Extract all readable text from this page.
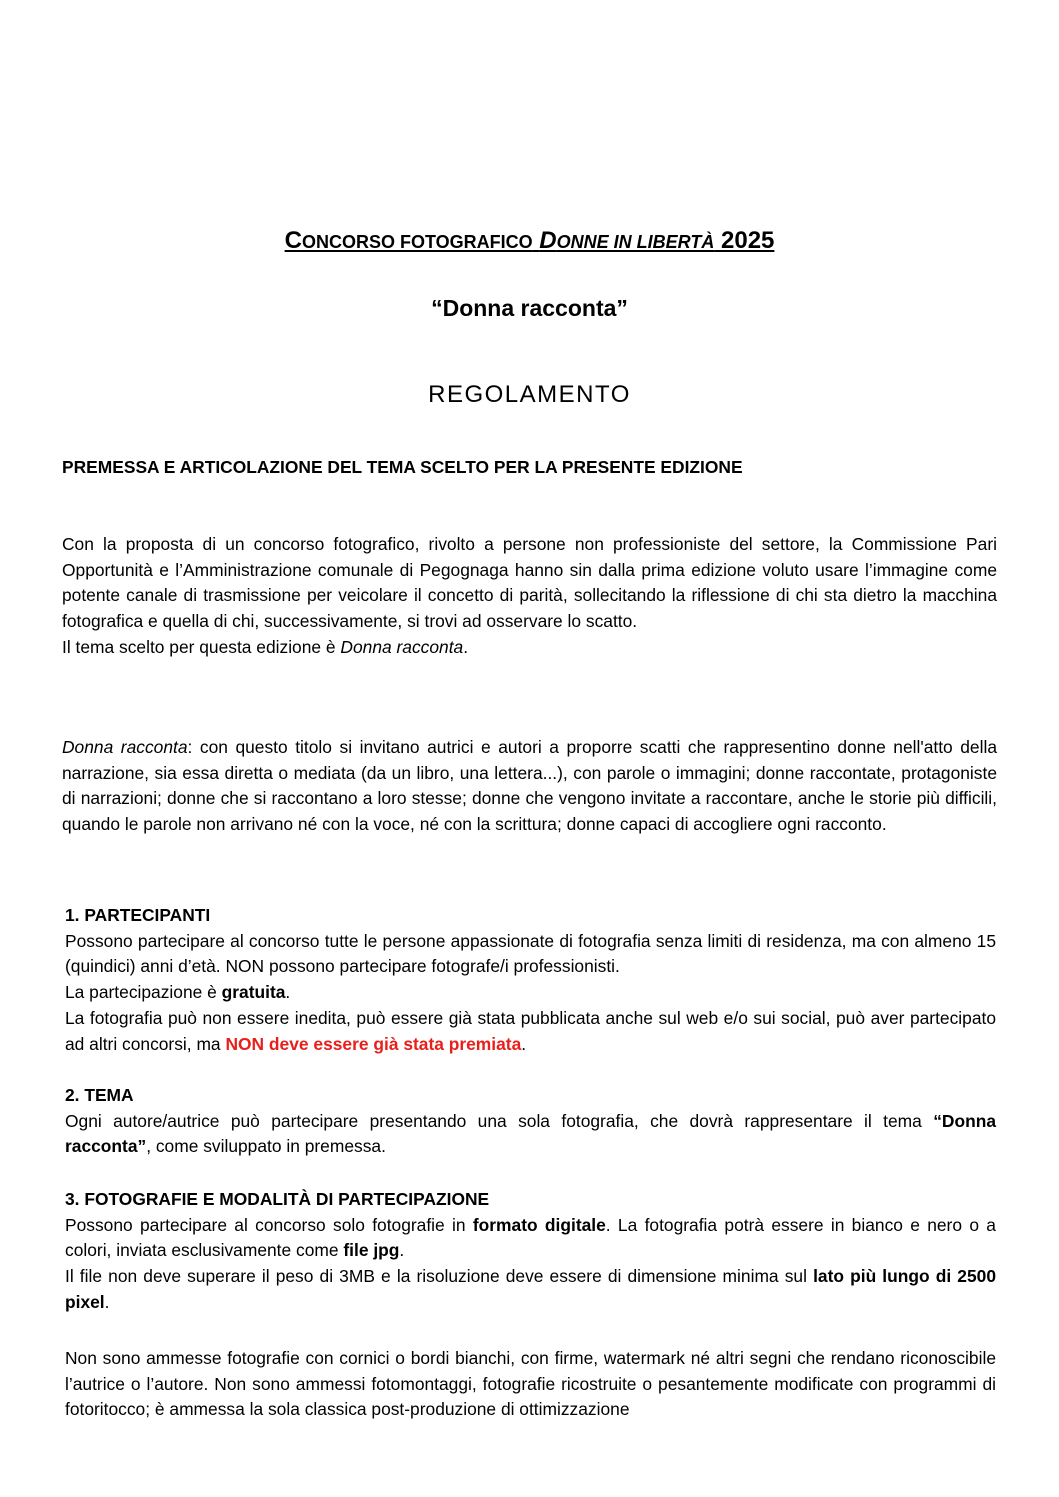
CONCORSO FOTOGRAFICO DONNE IN LIBERTÀ 2025
“Donna racconta”
REGOLAMENTO
PREMESSA E ARTICOLAZIONE DEL TEMA SCELTO PER LA PRESENTE EDIZIONE

Con la proposta di un concorso fotografico, rivolto a persone non professioniste del settore, la Commissione Pari Opportunità e l’Amministrazione comunale di Pegognaga hanno sin dalla prima edizione voluto usare l’immagine come potente canale di trasmissione per veicolare il concetto di parità, sollecitando la riflessione di chi sta dietro la macchina fotografica e quella di chi, successivamente, si trovi ad osservare lo scatto.

Il tema scelto per questa edizione è Donna racconta.

Donna racconta: con questo titolo si invitano autrici e autori a proporre scatti che rappresentino donne nell'atto della narrazione, sia essa diretta o mediata (da un libro, una lettera...), con parole o immagini; donne raccontate, protagoniste di narrazioni; donne che si raccontano a loro stesse; donne che vengono invitate a raccontare, anche le storie più difficili, quando le parole non arrivano né con la voce, né con la scrittura; donne capaci di accogliere ogni racconto.

1. PARTECIPANTI

Possono partecipare al concorso tutte le persone appassionate di fotografia senza limiti di residenza, ma con almeno 15 (quindici) anni d’età. NON possono partecipare fotografe/i professionisti.

La partecipazione è gratuita.

La fotografia può non essere inedita, può essere già stata pubblicata anche sul web e/o sui social, può aver partecipato ad altri concorsi, ma NON deve essere già stata premiata.

2. TEMA

Ogni autore/autrice può partecipare presentando una sola fotografia, che dovrà rappresentare il tema “Donna racconta”, come sviluppato in premessa.

3. FOTOGRAFIE E MODALITÀ DI PARTECIPAZIONE

Possono partecipare al concorso solo fotografie in formato digitale. La fotografia potrà essere in bianco e nero o a colori, inviata esclusivamente come file jpg.

Il file non deve superare il peso di 3MB e la risoluzione deve essere di dimensione minima sul lato più lungo di 2500 pixel.

Non sono ammesse fotografie con cornici o bordi bianchi, con firme, watermark né altri segni che rendano riconoscibile l’autrice o l’autore. Non sono ammessi fotomontaggi, fotografie ricostruite o pesantemente modificate con programmi di fotoritocco; è ammessa la sola classica post-produzione di ottimizzazione
